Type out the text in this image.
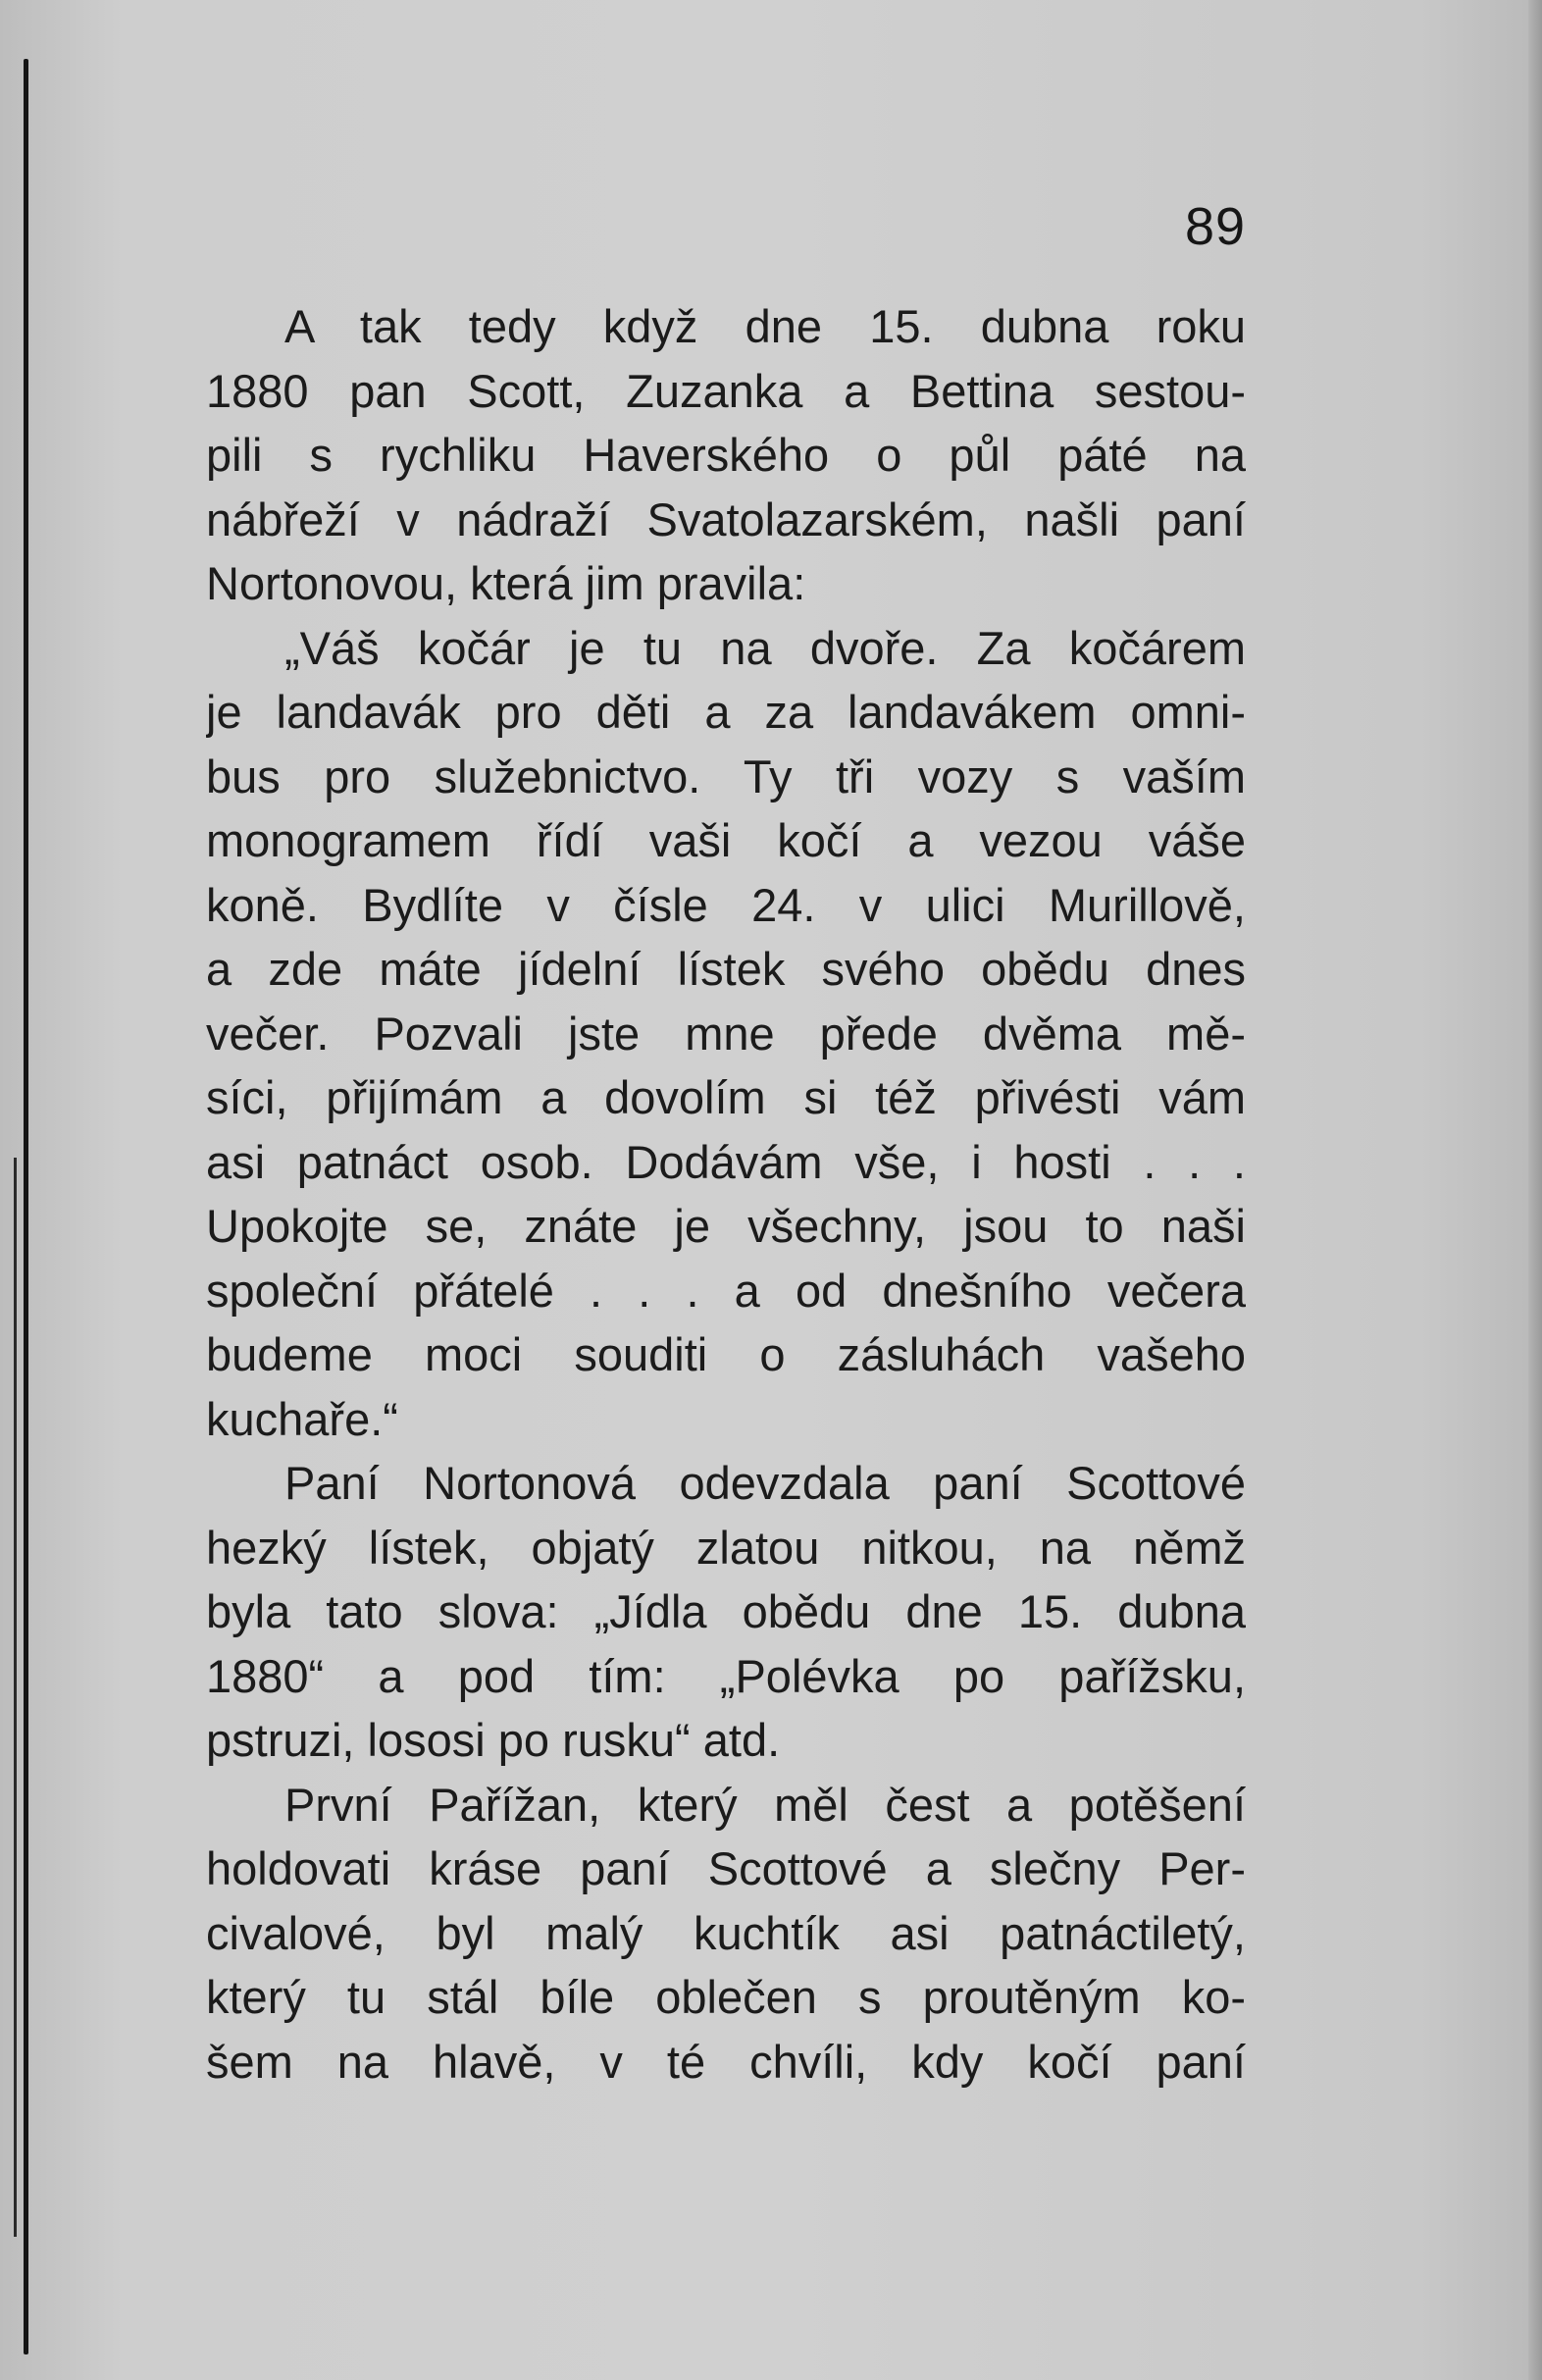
89
A tak tedy když dne 15. dubna roku
1880 pan Scott, Zuzanka a Bettina sestou-
pili s rychliku Haverského o půl páté na
nábřeží v nádraží Svatolazarském, našli paní
Nortonovou, která jim pravila:
„Váš kočár je tu na dvoře. Za kočárem
je landavák pro děti a za landavákem omni-
bus pro služebnictvo. Ty tři vozy s vaším
monogramem řídí vaši kočí a vezou váše
koně. Bydlíte v čísle 24. v ulici Murillově,
a zde máte jídelní lístek svého obědu dnes
večer. Pozvali jste mne přede dvěma mě-
síci, přijímám a dovolím si též přivésti vám
asi patnáct osob. Dodávám vše, i hosti . . .
Upokojte se, znáte je všechny, jsou to naši
společní přátelé . . . a od dnešního večera
budeme moci souditi o zásluhách vašeho
kuchaře.“
Paní Nortonová odevzdala paní Scottové
hezký lístek, objatý zlatou nitkou, na němž
byla tato slova: „Jídla obědu dne 15. dubna
1880“ a pod tím: „Polévka po pařížsku,
pstruzi, lososi po rusku“ atd.
První Pařížan, který měl čest a potěšení
holdovati kráse paní Scottové a slečny Per-
civalové, byl malý kuchtík asi patnáctiletý,
který tu stál bíle oblečen s proutěným ko-
šem na hlavě, v té chvíli, kdy kočí paní
